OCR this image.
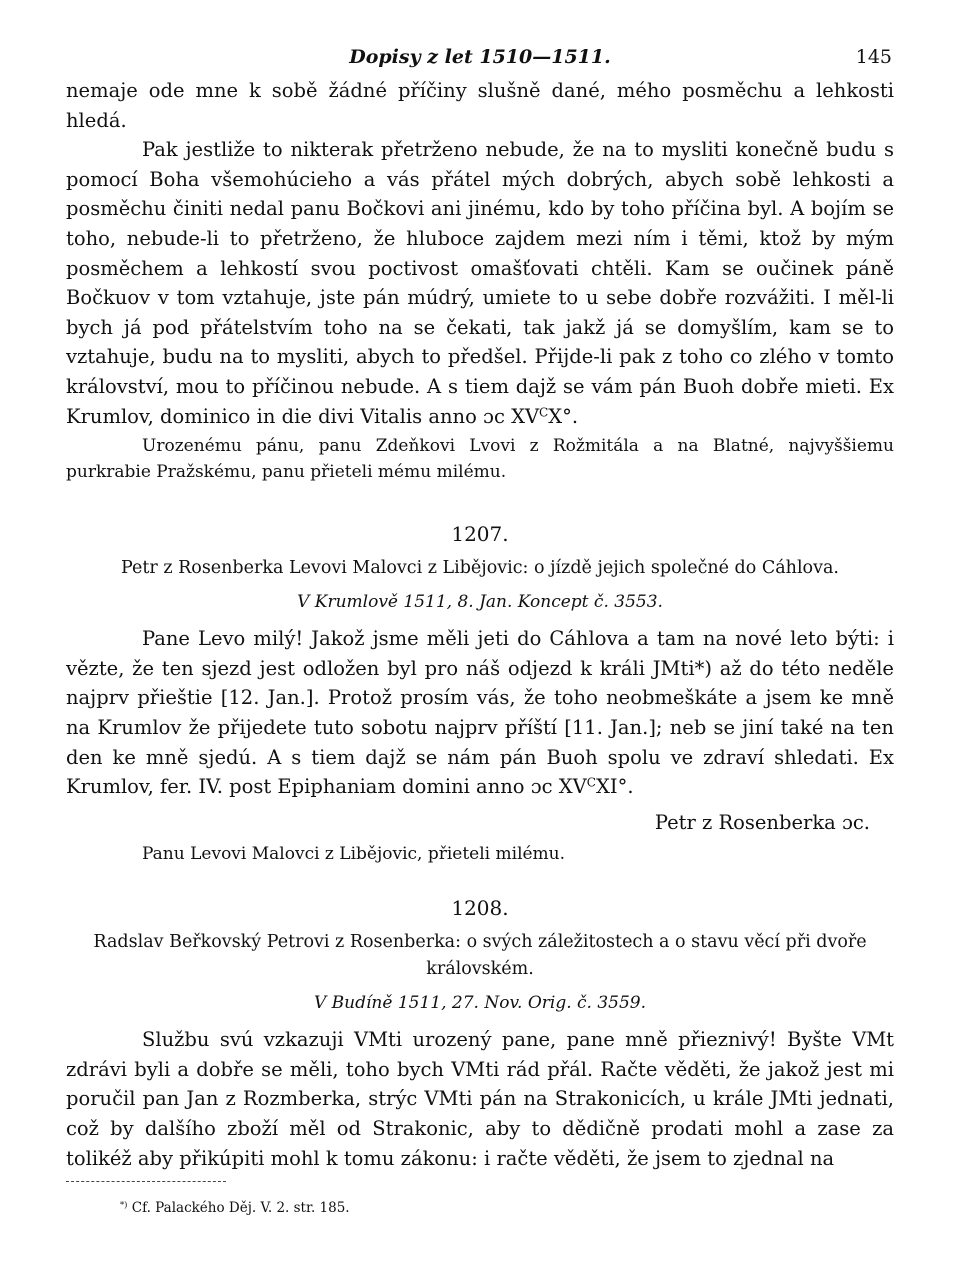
Dopisy z let 1510—1511.	145

nemaje ode mne k sobě žádné příčiny slušně dané, mého posměchu a lehkosti hledá.

Pak jestliže to nikterak přetrženo nebude, že na to mysliti konečně budu s pomocí Boha všemohúcieho a vás přátel mých dobrých, abych sobě lehkosti a posměchu činiti nedal panu Bočkovi ani jinému, kdo by toho příčina byl. A bojím se toho, nebude-li to přetrženo, že hluboce zajdem mezi ním i těmi, ktož by mým posměchem a lehkostí svou poctivost omašťovati chtěli. Kam se oučinek páně Bočkuov v tom vztahuje, jste pán múdrý, umiete to u sebe dobře rozvážiti. I měl-li bych já pod přátelstvím toho na se čekati, tak jakž já se domyšlím, kam se to vztahuje, budu na to mysliti, abych to předšel. Přijde-li pak z toho co zlého v tomto království, mou to příčinou nebude. A s tiem dajž se vám pán Buoh dobře mieti. Ex Krumlov, dominico in die divi Vitalis anno ɔc $XV^CX^\circ$.

Urozenému pánu, panu Zdeňkovi Lvovi z Rožmitála a na Blatné, najvyššiemu purkrabie Pražskému, panu přieteli mému milému.
1207.
Petr z Rosenberka Levovi Malovci z Libějovic: o jízdě jejich společné do Cáhlova.
V Krumlově 1511, 8. Jan. Koncept č. 3553.

Pane Levo milý! Jakož jsme měli jeti do Cáhlova a tam na nové leto býti: i vězte, že ten sjezd jest odložen byl pro náš odjezd k králi JMti*) až do této neděle najprv přieštie [12. Jan.]. Protož prosím vás, že toho neobmeškáte a jsem ke mně na Krumlov že přijedete tuto sobotu najprv příští [11. Jan.]; neb se jiní také na ten den ke mně sjedú. A s tiem dajž se nám pán Buoh spolu ve zdraví shledati. Ex Krumlov, fer. IV. post Epiphaniam domini anno ɔc $XV^CXI^\circ$.

Petr z Rosenberka ɔc.

Panu Levovi Malovci z Libějovic, přieteli milému.
1208.
Radslav Beřkovský Petrovi z Rosenberka: o svých záležitostech a o stavu věcí při dvoře královském.
V Budíně 1511, 27. Nov. Orig. č. 3559.

Službu svú vzkazuji VMti urozený pane, pane mně přieznivý! Byšte VMt zdrávi byli a dobře se měli, toho bych VMti rád přál. Račte věděti, že jakož jest mi poručil pan Jan z Rozmberka, strýc VMti pán na Strakonicích, u krále JMti jednati, což by dalšího zboží měl od Strakonic, aby to dědičně prodati mohl a zase za tolikéž aby přikúpiti mohl k tomu zákonu: i račte věděti, že jsem to zjednal na

*) Cf. Palackého Děj. V. 2. str. 185.
